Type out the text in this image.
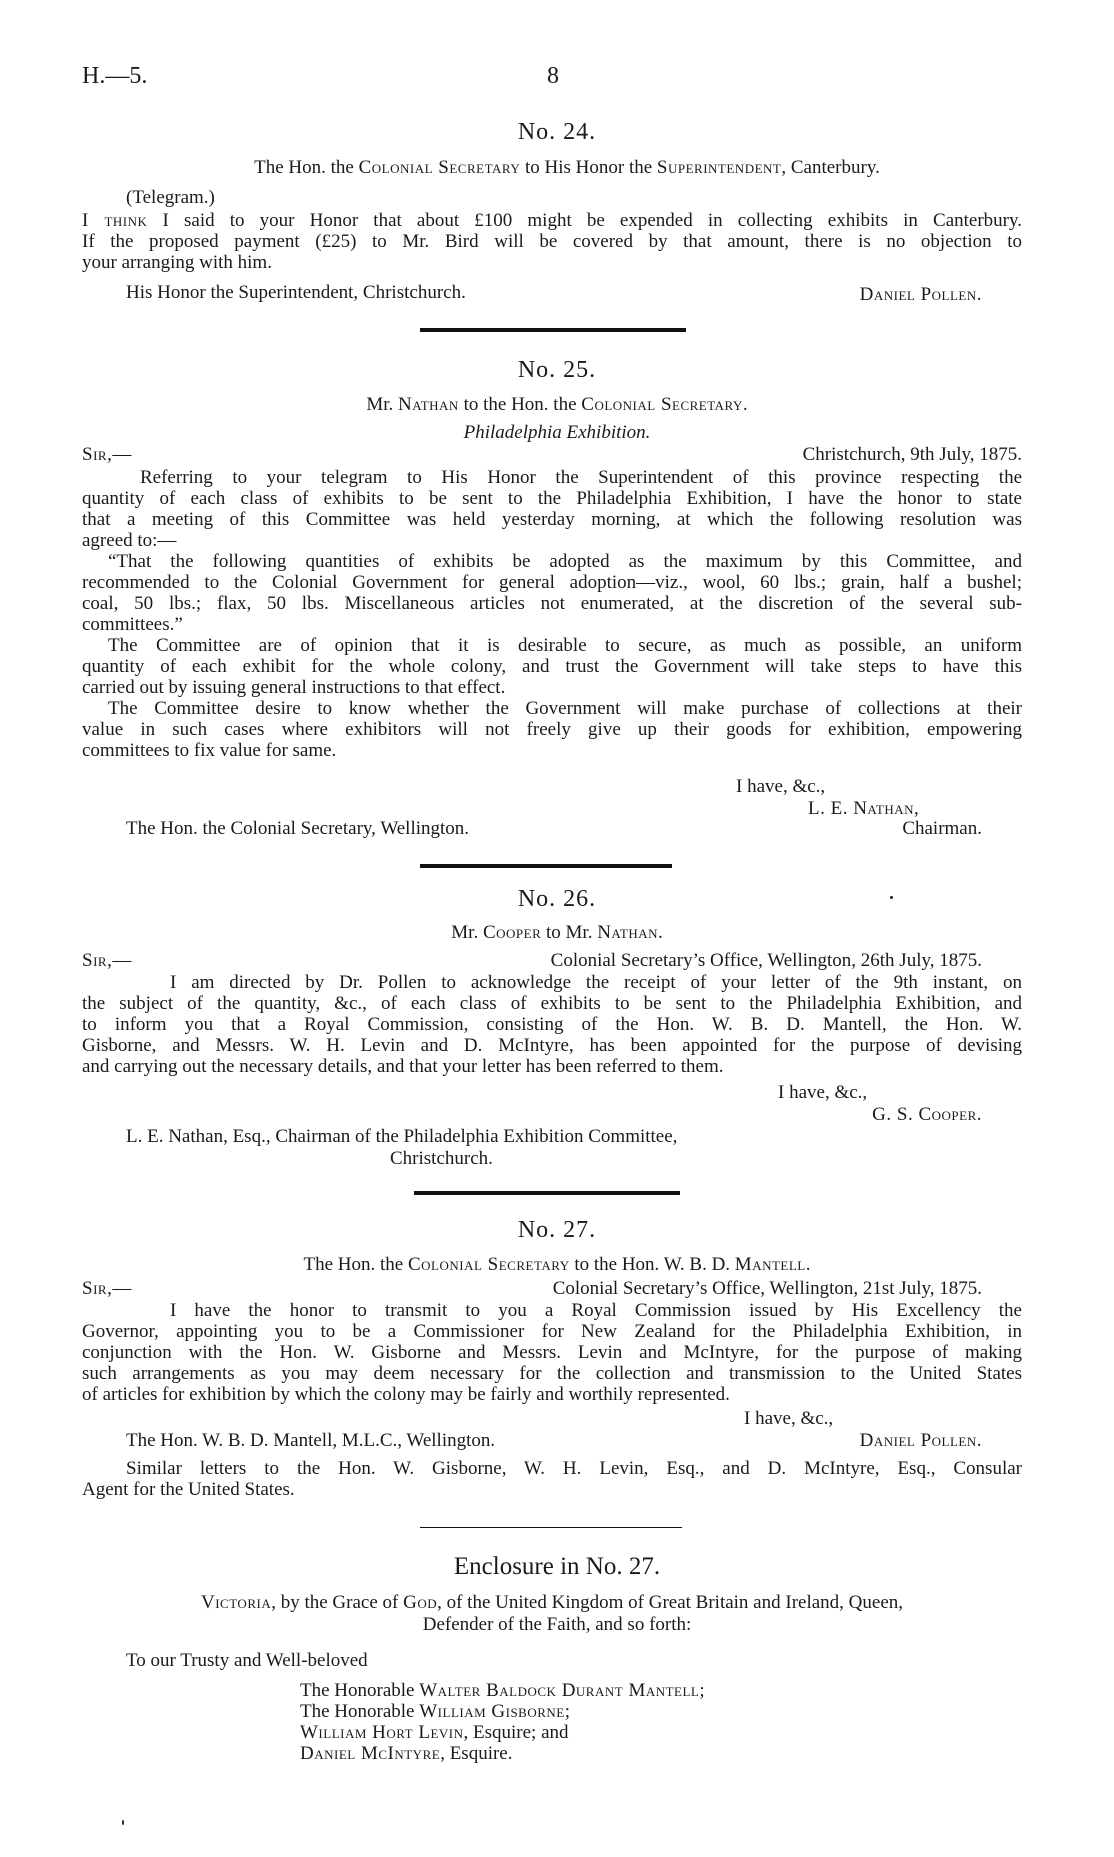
H.—5.	8
No. 24.
The Hon. the Colonial Secretary to His Honor the Superintendent, Canterbury.
(Telegram.)
I think I said to your Honor that about £100 might be expended in collecting exhibits in Canterbury.
If the proposed payment (£25) to Mr. Bird will be covered by that amount, there is no objection to
your arranging with him.
His Honor the Superintendent, Christchurch.	Daniel Pollen.
No. 25.
Mr. Nathan to the Hon. the Colonial Secretary.
Philadelphia Exhibition.
Sir,—	Christchurch, 9th July, 1875.
Referring to your telegram to His Honor the Superintendent of this province respecting the
quantity of each class of exhibits to be sent to the Philadelphia Exhibition, I have the honor to state
that a meeting of this Committee was held yesterday morning, at which the following resolution was
agreed to:—
“That the following quantities of exhibits be adopted as the maximum by this Committee, and
recommended to the Colonial Government for general adoption—viz., wool, 60 lbs.; grain, half a bushel;
coal, 50 lbs.; flax, 50 lbs. Miscellaneous articles not enumerated, at the discretion of the several sub-
committees.”
The Committee are of opinion that it is desirable to secure, as much as possible, an uniform
quantity of each exhibit for the whole colony, and trust the Government will take steps to have this
carried out by issuing general instructions to that effect.
The Committee desire to know whether the Government will make purchase of collections at their
value in such cases where exhibitors will not freely give up their goods for exhibition, empowering
committees to fix value for same.
I have, &c.,
L. E. Nathan,
The Hon. the Colonial Secretary, Wellington.	Chairman.
No. 26.
Mr. Cooper to Mr. Nathan.
Sir,—	Colonial Secretary’s Office, Wellington, 26th July, 1875.
I am directed by Dr. Pollen to acknowledge the receipt of your letter of the 9th instant, on
the subject of the quantity, &c., of each class of exhibits to be sent to the Philadelphia Exhibition, and
to inform you that a Royal Commission, consisting of the Hon. W. B. D. Mantell, the Hon. W.
Gisborne, and Messrs. W. H. Levin and D. McIntyre, has been appointed for the purpose of devising
and carrying out the necessary details, and that your letter has been referred to them.
I have, &c.,
G. S. Cooper.
L. E. Nathan, Esq., Chairman of the Philadelphia Exhibition Committee,
Christchurch.
No. 27.
The Hon. the Colonial Secretary to the Hon. W. B. D. Mantell.
Sir,—	Colonial Secretary’s Office, Wellington, 21st July, 1875.
I have the honor to transmit to you a Royal Commission issued by His Excellency the
Governor, appointing you to be a Commissioner for New Zealand for the Philadelphia Exhibition, in
conjunction with the Hon. W. Gisborne and Messrs. Levin and McIntyre, for the purpose of making
such arrangements as you may deem necessary for the collection and transmission to the United States
of articles for exhibition by which the colony may be fairly and worthily represented.
I have, &c.,
The Hon. W. B. D. Mantell, M.L.C., Wellington.	Daniel Pollen.
Similar letters to the Hon. W. Gisborne, W. H. Levin, Esq., and D. McIntyre, Esq., Consular
Agent for the United States.
Enclosure in No. 27.
Victoria, by the Grace of God, of the United Kingdom of Great Britain and Ireland, Queen,
Defender of the Faith, and so forth:
To our Trusty and Well-beloved
The Honorable Walter Baldock Durant Mantell;
The Honorable William Gisborne;
William Hort Levin, Esquire; and
Daniel McIntyre, Esquire.
